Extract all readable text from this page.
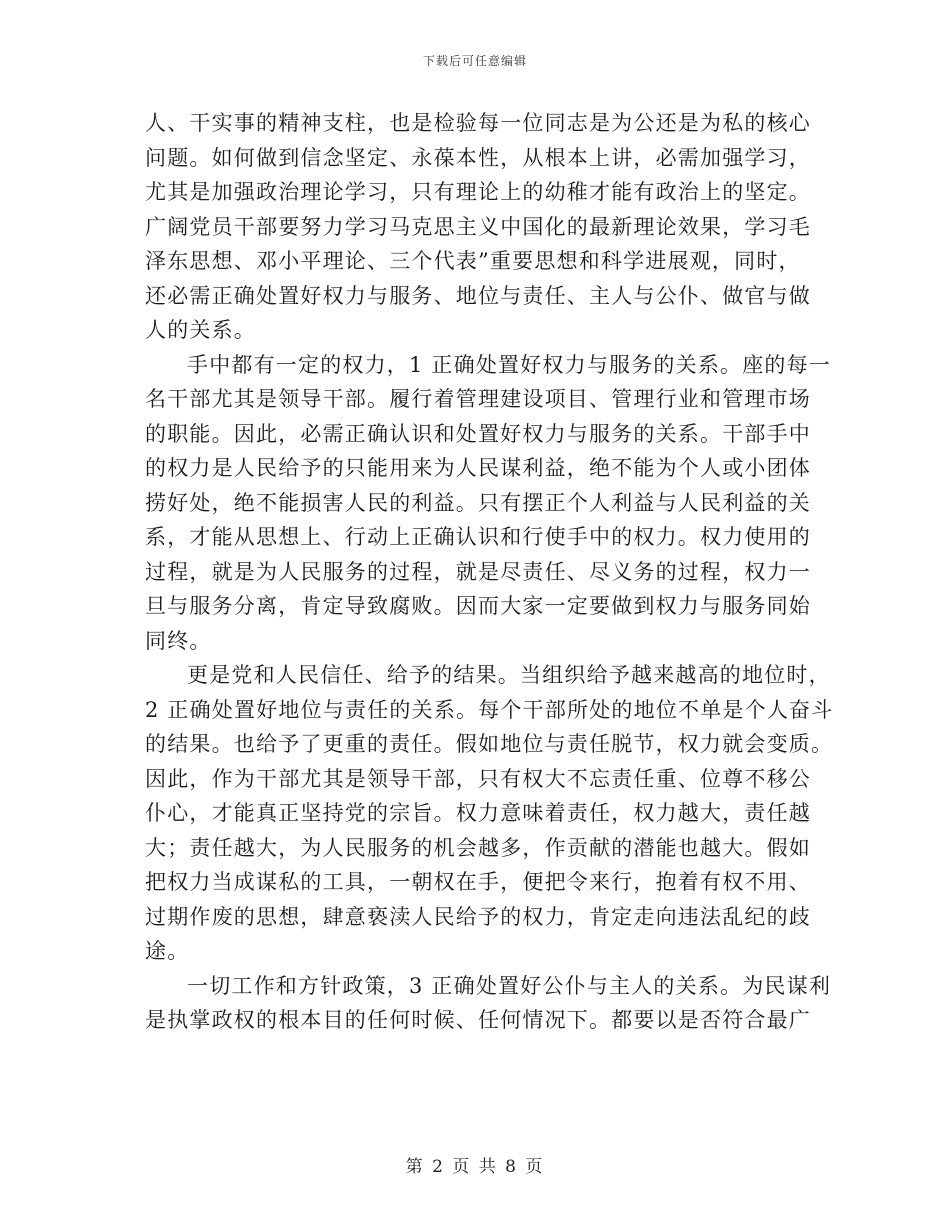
下载后可任意编辑
人、干实事的精神支柱，也是检验每一位同志是为公还是为私的核心
问题。如何做到信念坚定、永葆本性，从根本上讲，必需加强学习，
尤其是加强政治理论学习，只有理论上的幼稚才能有政治上的坚定。
广阔党员干部要努力学习马克思主义中国化的最新理论效果，学习毛
泽东思想、邓小平理论、三个代表”重要思想和科学进展观，同时，
还必需正确处置好权力与服务、地位与责任、主人与公仆、做官与做
人的关系。
手中都有一定的权力，1 正确处置好权力与服务的关系。座的每一
名干部尤其是领导干部。履行着管理建设项目、管理行业和管理市场
的职能。因此，必需正确认识和处置好权力与服务的关系。干部手中
的权力是人民给予的只能用来为人民谋利益，绝不能为个人或小团体
捞好处，绝不能损害人民的利益。只有摆正个人利益与人民利益的关
系，才能从思想上、行动上正确认识和行使手中的权力。权力使用的
过程，就是为人民服务的过程，就是尽责任、尽义务的过程，权力一
旦与服务分离，肯定导致腐败。因而大家一定要做到权力与服务同始
同终。
更是党和人民信任、给予的结果。当组织给予越来越高的地位时，
2 正确处置好地位与责任的关系。每个干部所处的地位不单是个人奋斗
的结果。也给予了更重的责任。假如地位与责任脱节，权力就会变质。
因此，作为干部尤其是领导干部，只有权大不忘责任重、位尊不移公
仆心，才能真正坚持党的宗旨。权力意味着责任，权力越大，责任越
大；责任越大，为人民服务的机会越多，作贡献的潜能也越大。假如
把权力当成谋私的工具，一朝权在手，便把令来行，抱着有权不用、
过期作废的思想，肆意亵渎人民给予的权力，肯定走向违法乱纪的歧
途。
一切工作和方针政策，3 正确处置好公仆与主人的关系。为民谋利
是执掌政权的根本目的任何时候、任何情况下。都要以是否符合最广
第 2 页 共 8 页
